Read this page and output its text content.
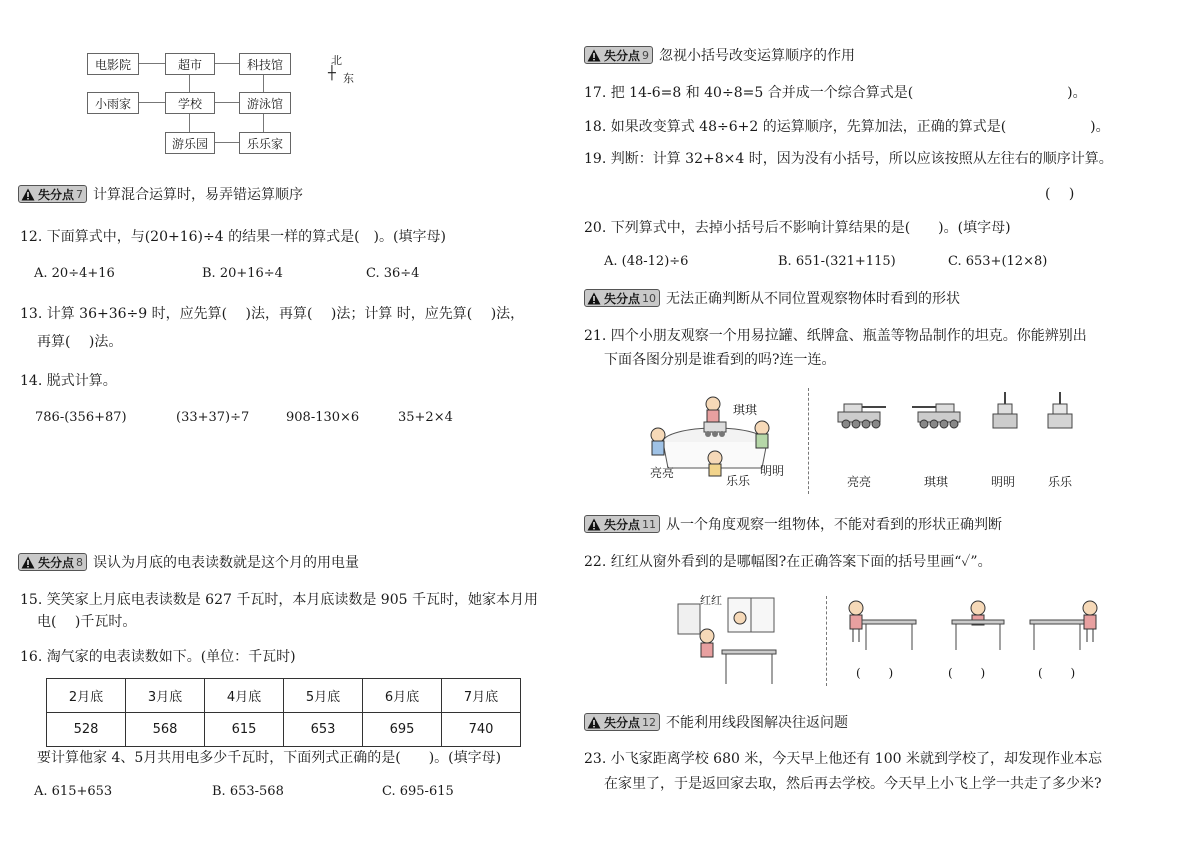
电影院	超市	科技馆
小雨家	学校	游泳馆
游乐园	乐乐家
北
┼ 东
失分点 7 计算混合运算时，易弄错运算顺序
12. 下面算式中，与(20+16)÷4 的结果一样的算式是(　)。(填字母)
A. 20÷4+16	B. 20+16÷4	C. 36÷4
13. 计算 36+36÷9 时，应先算(　 )法，再算(　 )法；计算 时，应先算(　 )法，
再算(　 )法。
14. 脱式计算。
786-(356+87)	(33+37)÷7	908-130×6	35+2×4
失分点 8 误认为月底的电表读数就是这个月的用电量
15. 笑笑家上月底电表读数是 627 千瓦时，本月底读数是 905 千瓦时，她家本月用
电(　 )千瓦时。
16. 淘气家的电表读数如下。(单位：千瓦时)
2月底	3月底	4月底	5月底	6月底	7月底
528	568	615	653	695	740
要计算他家 4、5月共用电多少千瓦时，下面列式正确的是(　　)。(填字母)
A. 615+653	B. 653-568	C. 695-615
失分点 9 忽视小括号改变运算顺序的作用
17. 把 14-6=8 和 40÷8=5 合并成一个综合算式是(　　　　　　　　　　　)。
18. 如果改变算式 48÷6+2 的运算顺序，先算加法，正确的算式是(　　　　　　)。
19. 判断：计算 32+8×4 时，因为没有小括号，所以应该按照从左往右的顺序计算。
(　 )
20. 下列算式中，去掉小括号后不影响计算结果的是(　　)。(填字母)
A. (48-12)÷6	B. 651-(321+115)	C. 653+(12×8)
失分点 10 无法正确判断从不同位置观察物体时看到的形状
21. 四个小朋友观察一个用易拉罐、纸牌盒、瓶盖等物品制作的坦克。你能辨别出
下面各图分别是谁看到的吗?连一连。
琪琪
亮亮	明明
乐乐	亮亮	琪琪	明明	乐乐
失分点 11 从一个角度观察一组物体，不能对看到的形状正确判断
22. 红红从窗外看到的是哪幅图?在正确答案下面的括号里画“✓”。
红红
(　　 )	(　　 )	(　　 )
失分点 12 不能利用线段图解决往返问题
23. 小飞家距离学校 680 米，今天早上他还有 100 米就到学校了，却发现作业本忘
在家里了，于是返回家去取，然后再去学校。今天早上小飞上学一共走了多少米?
